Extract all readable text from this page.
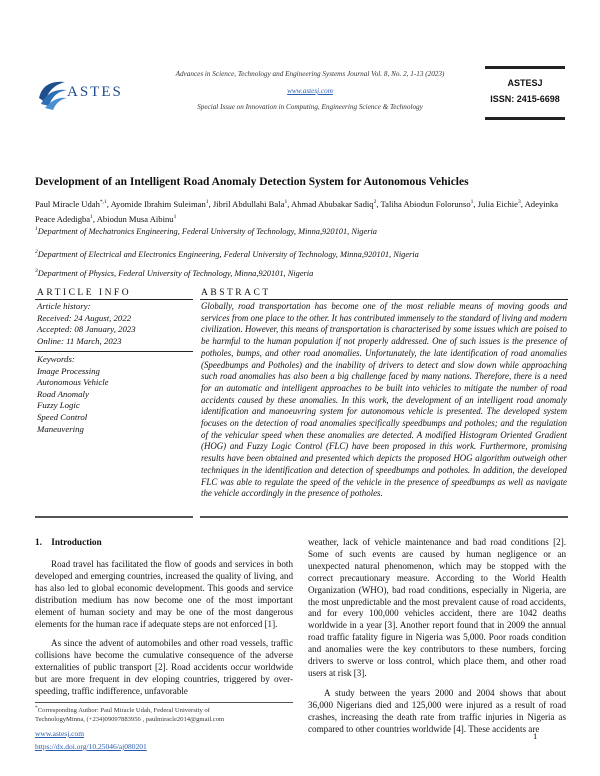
ASTES
Advances in Science, Technology and Engineering Systems Journal Vol. 8, No. 2, 1-13 (2023)
www.astesj.com
Special Issue on Innovation in Computing, Engineering Science & Technology
ASTESJ
ISSN: 2415-6698
Development of an Intelligent Road Anomaly Detection System for Autonomous Vehicles
Paul Miracle Udah$^{*,1}$, Ayomide Ibrahim Suleiman$^1$, Jibril Abdullahi Bala$^1$, Ahmad Abubakar Sadiq$^2$, Taliha Abiodun Folorunso$^1$, Julia Eichie$^3$, Adeyinka Peace Adedigba$^1$, Abiodun Musa Aibinu$^1$
$^1$Department of Mechatronics Engineering, Federal University of Technology, Minna,920101, Nigeria
$^2$Department of Electrical and Electronics Engineering, Federal University of Technology, Minna,920101, Nigeria
$^3$Department of Physics, Federal University of Technology, Minna,920101, Nigeria
ARTICLE INFO
Article history:
Received: 24 August, 2022
Accepted: 08 January, 2023
Online: 11 March, 2023
Keywords:
Image Processing
Autonomous Vehicle
Road Anomaly
Fuzzy Logic
Speed Control
Maneuvering
ABSTRACT
Globally, road transportation has become one of the most reliable means of moving goods and services from one place to the other. It has contributed immensely to the standard of living and modern civilization. However, this means of transportation is characterised by some issues which are poised to be harmful to the human population if not properly addressed. One of such issues is the presence of potholes, bumps, and other road anomalies. Unfortunately, the late identification of road anomalies (Speedbumps and Potholes) and the inability of drivers to detect and slow down while approaching such road anomalies has also been a big challenge faced by many nations. Therefore, there is a need for an automatic and intelligent approaches to be built into vehicles to mitigate the number of road accidents caused by these anomalies. In this work, the development of an intelligent road anomaly identification and manoeuvring system for autonomous vehicle is presented. The developed system focuses on the detection of road anomalies specifically speedbumps and potholes; and the regulation of the vehicular speed when these anomalies are detected. A modified Histogram Oriented Gradient (HOG) and Fuzzy Logic Control (FLC) have been proposed in this work. Furthermore, promising results have been obtained and presented which depicts the proposed HOG algorithm outweigh other techniques in the identification and detection of speedbumps and potholes. In addition, the developed FLC was able to regulate the speed of the vehicle in the presence of speedbumps as well as navigate the vehicle accordingly in the presence of potholes.
1.    Introduction

Road travel has facilitated the flow of goods and services in both developed and emerging countries, increased the quality of living, and has also led to global economic development. This goods and service distribution medium has now become one of the most important element of human society and may be one of the most dangerous elements for the human race if adequate steps are not enforced [1].

As since the advent of automobiles and other road vessels, traffic collisions have become the cumulative consequence of the adverse externalities of public transport [2]. Road accidents occur worldwide but are more frequent in dev eloping countries, triggered by over-speeding, traffic indifference, unfavorable

weather, lack of vehicle maintenance and bad road conditions [2]. Some of such events are caused by human negligence or an unexpected natural phenomenon, which may be stopped with the correct precautionary measure. According to the World Health Organization (WHO), bad road conditions, especially in Nigeria, are the most unpredictable and the most prevalent cause of road accidents, and for every 100,000 vehicles accident, there are 1042 deaths worldwide in a year [3]. Another report found that in 2009 the annual road traffic fatality figure in Nigeria was 5,000. Poor roads condition and anomalies were the key contributors to these numbers, forcing drivers to swerve or loss control, which place them, and other road users at risk [3].

A study between the years 2000 and 2004 shows that about 36,000 Nigerians died and 125,000 were injured as a result of road crashes, increasing the death rate from traffic injuries in Nigeria as compared to other countries worldwide [4]. These accidents are

*Corresponding Author: Paul Miracle Udah, Federal University of TechnologyMinna, (+234)09097883956 , paulmiracle2014@gmail.com
www.astesj.com
https://dx.doi.org/10.25046/aj080201
1
